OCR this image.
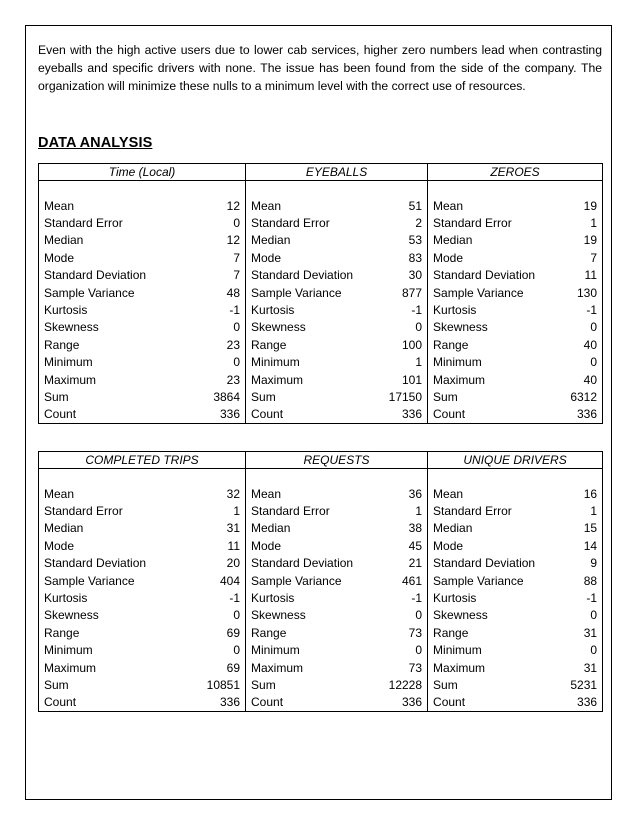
Even with the high active users due to lower cab services, higher zero numbers lead when contrasting eyeballs and specific drivers with none. The issue has been found from the side of the company. The organization will minimize these nulls to a minimum level with the correct use of resources.

DATA ANALYSIS
Time (Local)		EYEBALLS		ZEROES	

Mean	12	Mean	51	Mean	19
Standard Error	0	Standard Error	2	Standard Error	1
Median	12	Median	53	Median	19
Mode	7	Mode	83	Mode	7
Standard Deviation	7	Standard Deviation	30	Standard Deviation	11
Sample Variance	48	Sample Variance	877	Sample Variance	130
Kurtosis	-1	Kurtosis	-1	Kurtosis	-1
Skewness	0	Skewness	0	Skewness	0
Range	23	Range	100	Range	40
Minimum	0	Minimum	1	Minimum	0
Maximum	23	Maximum	101	Maximum	40
Sum	3864	Sum	17150	Sum	6312
Count	336	Count	336	Count	336
COMPLETED TRIPS		REQUESTS		UNIQUE DRIVERS	

Mean	32	Mean	36	Mean	16
Standard Error	1	Standard Error	1	Standard Error	1
Median	31	Median	38	Median	15
Mode	11	Mode	45	Mode	14
Standard Deviation	20	Standard Deviation	21	Standard Deviation	9
Sample Variance	404	Sample Variance	461	Sample Variance	88
Kurtosis	-1	Kurtosis	-1	Kurtosis	-1
Skewness	0	Skewness	0	Skewness	0
Range	69	Range	73	Range	31
Minimum	0	Minimum	0	Minimum	0
Maximum	69	Maximum	73	Maximum	31
Sum	10851	Sum	12228	Sum	5231
Count	336	Count	336	Count	336
